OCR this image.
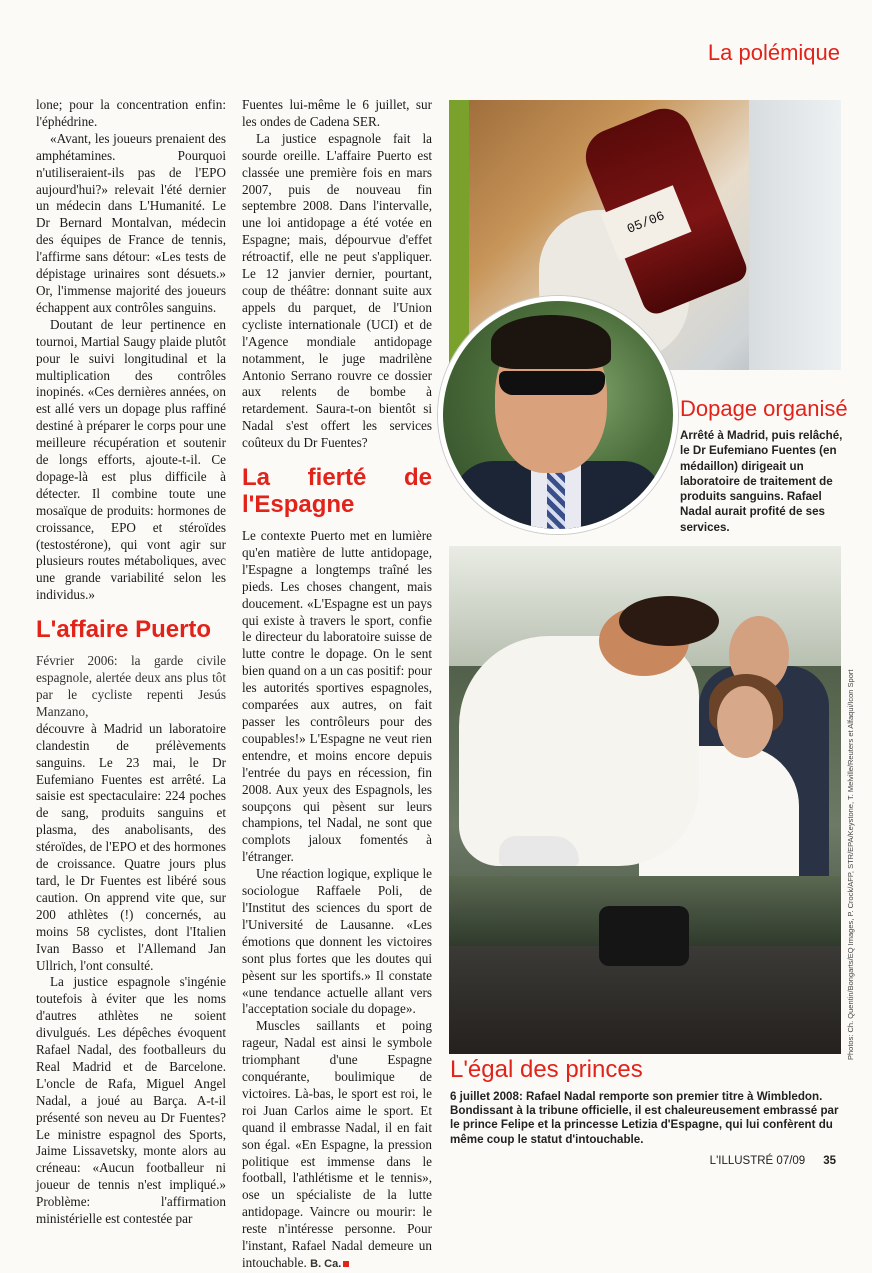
La polémique

lone; pour la concentration enfin: l'éphédrine.

«Avant, les joueurs prenaient des amphétamines. Pourquoi n'utiliseraient-ils pas de l'EPO aujourd'hui?» relevait l'été dernier un médecin dans L'Humanité. Le Dr Bernard Montalvan, médecin des équipes de France de tennis, l'affirme sans détour: «Les tests de dépistage urinaires sont désuets.» Or, l'immense majorité des joueurs échappent aux contrôles sanguins.

Doutant de leur pertinence en tournoi, Martial Saugy plaide plutôt pour le suivi longitudinal et la multiplication des contrôles inopinés. «Ces dernières années, on est allé vers un dopage plus raffiné destiné à préparer le corps pour une meilleure récupération et soutenir de longs efforts, ajoute-t-il. Ce dopage-là est plus difficile à détecter. Il combine toute une mosaïque de produits: hormones de croissance, EPO et stéroïdes (testostérone), qui vont agir sur plusieurs routes métaboliques, avec une grande variabilité selon les individus.»

L'affaire Puerto

Février 2006: la garde civile espagnole, alertée deux ans plus tôt par le cycliste repenti Jesús Manzano,

découvre à Madrid un laboratoire clandestin de prélèvements sanguins. Le 23 mai, le Dr Eufemiano Fuentes est arrêté. La saisie est spectaculaire: 224 poches de sang, produits sanguins et plasma, des anabolisants, des stéroïdes, de l'EPO et des hormones de croissance. Quatre jours plus tard, le Dr Fuentes est libéré sous caution. On apprend vite que, sur 200 athlètes (!) concernés, au moins 58 cyclistes, dont l'Italien Ivan Basso et l'Allemand Jan Ullrich, l'ont consulté.

La justice espagnole s'ingénie toutefois à éviter que les noms d'autres athlètes ne soient divulgués. Les dépêches évoquent Rafael Nadal, des footballeurs du Real Madrid et de Barcelone. L'oncle de Rafa, Miguel Angel Nadal, a joué au Barça. A-t-il présenté son neveu au Dr Fuentes? Le ministre espagnol des Sports, Jaime Lissavetsky, monte alors au créneau: «Aucun footballeur ni joueur de tennis n'est impliqué.» Problème: l'affirmation ministérielle est contestée par

Fuentes lui-même le 6 juillet, sur les ondes de Cadena SER.

La justice espagnole fait la sourde oreille. L'affaire Puerto est classée une première fois en mars 2007, puis de nouveau fin septembre 2008. Dans l'intervalle, une loi antidopage a été votée en Espagne; mais, dépourvue d'effet rétroactif, elle ne peut s'appliquer. Le 12 janvier dernier, pourtant, coup de théâtre: donnant suite aux appels du parquet, de l'Union cycliste internationale (UCI) et de l'Agence mondiale antidopage notamment, le juge madrilène Antonio Serrano rouvre ce dossier aux relents de bombe à retardement. Saura-t-on bientôt si Nadal s'est offert les services coûteux du Dr Fuentes?

La fierté de l'Espagne

Le contexte Puerto met en lumière qu'en matière de lutte antidopage, l'Espagne a longtemps traîné les pieds. Les choses changent, mais doucement. «L'Espagne est un pays qui existe à travers le sport, confie le directeur du laboratoire suisse de lutte contre le dopage. On le sent bien quand on a un cas positif: pour les autorités sportives espagnoles, comparées aux autres, on fait passer les contrôleurs pour des coupables!» L'Espagne ne veut rien entendre, et moins encore depuis l'entrée du pays en récession, fin 2008. Aux yeux des Espagnols, les soupçons qui pèsent sur leurs champions, tel Nadal, ne sont que complots jaloux fomentés à l'étranger.

Une réaction logique, explique le sociologue Raffaele Poli, de l'Institut des sciences du sport de l'Université de Lausanne. «Les émotions que donnent les victoires sont plus fortes que les doutes qui pèsent sur les sportifs.» Il constate «une tendance actuelle allant vers l'acceptation sociale du dopage».

Muscles saillants et poing rageur, Nadal est ainsi le symbole triomphant d'une Espagne conquérante, boulimique de victoires. Là-bas, le sport est roi, le roi Juan Carlos aime le sport. Et quand il embrasse Nadal, il en fait son égal. «En Espagne, la pression politique est immense dans le football, l'athlétisme et le tennis», ose un spécialiste de la lutte antidopage. Vaincre ou mourir: le reste n'intéresse personne. Pour l'instant, Rafael Nadal demeure un intouchable. B. Ca.

05/06
Dopage organisé
Arrêté à Madrid, puis relâché, le Dr Eufemiano Fuentes (en médaillon) dirigeait un laboratoire de traitement de produits sanguins. Rafael Nadal aurait profité de ses services.
Photos: Ch. Quentin/Bongarts/EQ Images, P. Crock/AFP, STR/EPA/Keystone, T. Melville/Reuters et Alfaqui/Icon Sport
L'égal des princes
6 juillet 2008: Rafael Nadal remporte son premier titre à Wimbledon. Bondissant à la tribune officielle, il est chaleureusement embrassé par le prince Felipe et la princesse Letizia d'Espagne, qui lui confèrent du même coup le statut d'intouchable.
L'ILLUSTRÉ 07/09 35
